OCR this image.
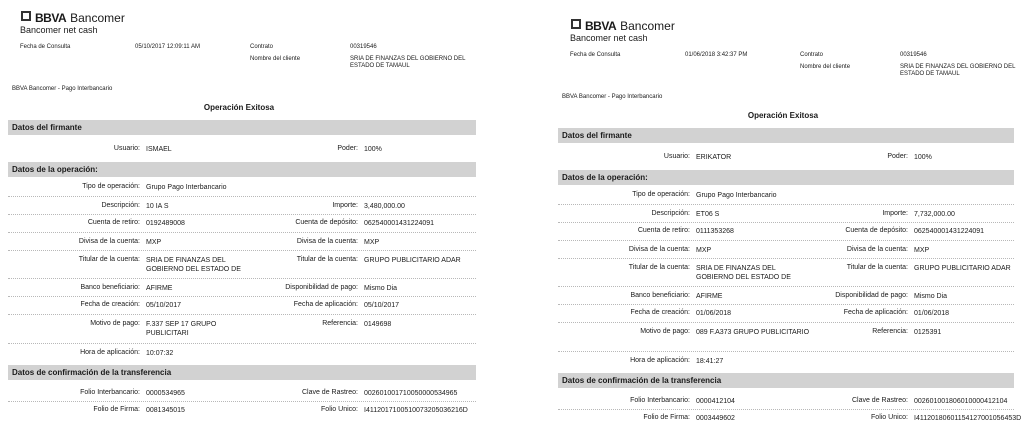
BBVA Bancomer
Bancomer net cash
Fecha de Consulta	05/10/2017 12:09:11 AM	Contrato	00319546
Nombre del cliente	SRIA DE FINANZAS DEL GOBIERNO DEL
ESTADO DE TAMAUL
BBVA Bancomer - Pago Interbancario
Operación Exitosa
Datos del firmante
Datos de la operación:
Datos de confirmación de la transferencia
Usuario: ISMAEL	Poder: 100%
Tipo de operación: Grupo Pago Interbancario
Descripción: 10 IA S	Importe: 3,480,000.00
Cuenta de retiro: 0192489008	Cuenta de depósito: 062540001431224091
Divisa de la cuenta: MXP	Divisa de la cuenta: MXP
Titular de la cuenta: SRIA DE FINANZAS DEL
GOBIERNO DEL ESTADO DE
Titular de la cuenta: GRUPO PUBLICITARIO ADAR
Banco beneficiario: AFIRME	Disponibilidad de pago: Mismo Dia
Fecha de creación: 05/10/2017	Fecha de aplicación: 05/10/2017
Motivo de pago: F.337 SEP 17 GRUPO
PUBLICITARI
Referencia: 0149698
Hora de aplicación: 10:07:32
Folio Interbancario: 0000534965	Clave de Rastreo: 002601001710050000534965
Folio de Firma: 0081345015	Folio Unico: I4112017100510073205036216D
BBVA Bancomer
Bancomer net cash
Fecha de Consulta	01/06/2018 3:42:37 PM	Contrato	00319546
Nombre del cliente	SRIA DE FINANZAS DEL GOBIERNO DEL
ESTADO DE TAMAUL
BBVA Bancomer - Pago Interbancario
Operación Exitosa
Datos del firmante
Datos de la operación:
Datos de confirmación de la transferencia
Usuario: ERIKATOR	Poder: 100%
Tipo de operación: Grupo Pago Interbancario
Descripción: ET06 S	Importe: 7,732,000.00
Cuenta de retiro: 0111353268	Cuenta de depósito: 062540001431224091
Divisa de la cuenta: MXP	Divisa de la cuenta: MXP
Titular de la cuenta: SRIA DE FINANZAS DEL
GOBIERNO DEL ESTADO DE
Titular de la cuenta: GRUPO PUBLICITARIO ADAR
Banco beneficiario: AFIRME	Disponibilidad de pago: Mismo Dia
Fecha de creación: 01/06/2018	Fecha de aplicación: 01/06/2018
Motivo de pago: 089 F.A373 GRUPO PUBLICITARIO	Referencia: 0125391
Hora de aplicación: 18:41:27
Folio Interbancario: 0000412104	Clave de Rastreo: 002601001806010000412104
Folio de Firma: 0003449602	Folio Unico: I41120180601154127001056453D
